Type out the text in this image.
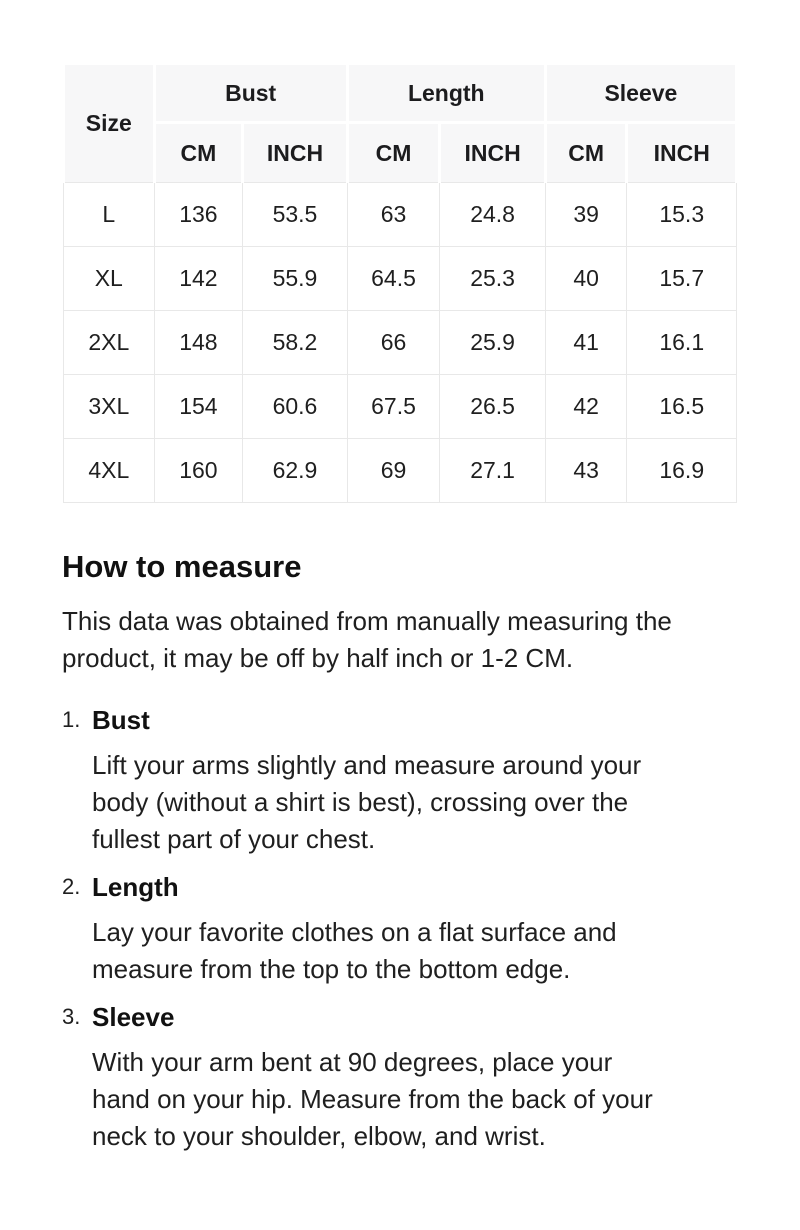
Size	Bust		Length		Sleeve	
	CM	INCH	CM	INCH	CM	INCH
L	136	53.5	63	24.8	39	15.3
XL	142	55.9	64.5	25.3	40	15.7
2XL	148	58.2	66	25.9	41	16.1
3XL	154	60.6	67.5	26.5	42	16.5
4XL	160	62.9	69	27.1	43	16.9
How to measure

This data was obtained from manually measuring the
product, it may be off by half inch or 1-2 CM.

1. Bust

Lift your arms slightly and measure around your
body (without a shirt is best), crossing over the
fullest part of your chest.

2. Length

Lay your favorite clothes on a flat surface and
measure from the top to the bottom edge.

3. Sleeve

With your arm bent at 90 degrees, place your
hand on your hip. Measure from the back of your
neck to your shoulder, elbow, and wrist.
